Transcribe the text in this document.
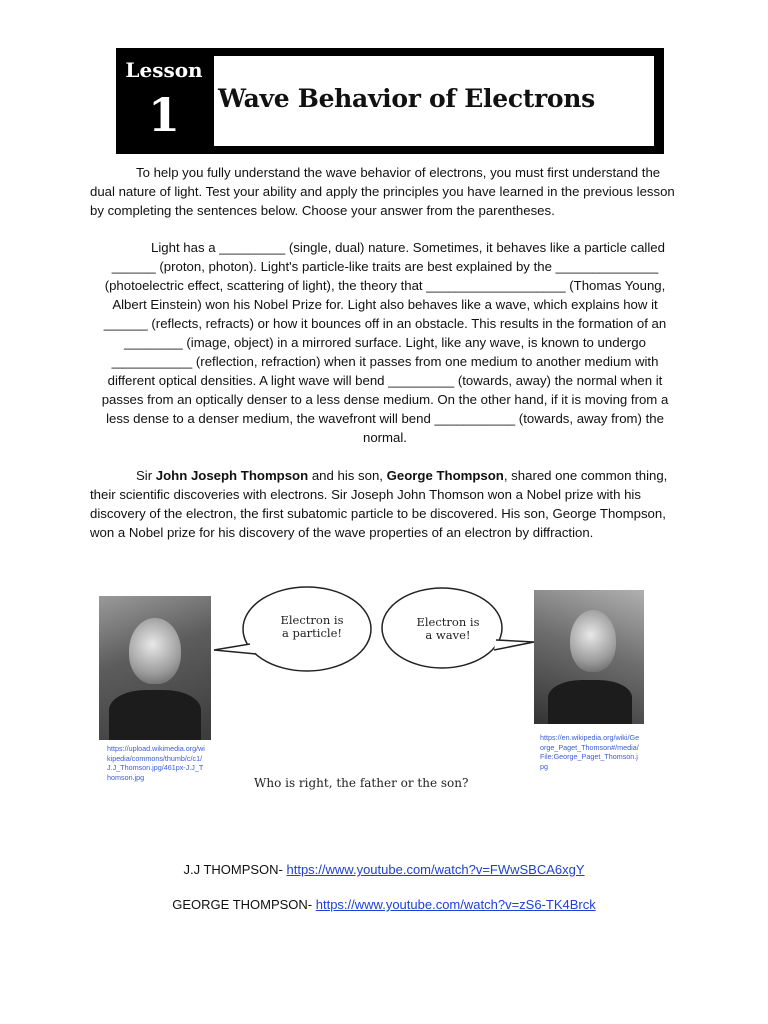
Lesson
1	Wave Behavior of Electrons
To help you fully understand the wave behavior of electrons, you must first understand the dual nature of light. Test your ability and apply the principles you have learned in the previous lesson by completing the sentences below. Choose your answer from the parentheses.
Light has a _________ (single, dual) nature. Sometimes, it behaves like a particle called ______ (proton, photon). Light's particle-like traits are best explained by the ______________ (photoelectric effect, scattering of light), the theory that ___________________ (Thomas Young, Albert Einstein) won his Nobel Prize for. Light also behaves like a wave, which explains how it ______ (reflects, refracts) or how it bounces off in an obstacle. This results in the formation of an ________ (image, object) in a mirrored surface. Light, like any wave, is known to undergo ___________ (reflection, refraction) when it passes from one medium to another medium with different optical densities. A light wave will bend _________ (towards, away) the normal when it passes from an optically denser to a less dense medium. On the other hand, if it is moving from a less dense to a denser medium, the wavefront will bend ___________ (towards, away from) the normal.
Sir John Joseph Thompson and his son, George Thompson, shared one common thing, their scientific discoveries with electrons. Sir Joseph John Thomson won a Nobel prize with his discovery of the electron, the first subatomic particle to be discovered. His son, George Thompson, won a Nobel prize for his discovery of the wave properties of an electron by diffraction.
https://upload.wikimedia.org/wikipedia/commons/thumb/c/c1/J.J_Thomson.jpg/461px-J.J_Thomson.jpg
https://en.wikipedia.org/wiki/George_Paget_Thomson#/media/File:George_Paget_Thomson.jpg
Electron is
a particle!
Electron is
a wave!
Who is right, the father or the son?
J.J THOMPSON- https://www.youtube.com/watch?v=FWwSBCA6xgY
GEORGE THOMPSON- https://www.youtube.com/watch?v=zS6-TK4Brck
